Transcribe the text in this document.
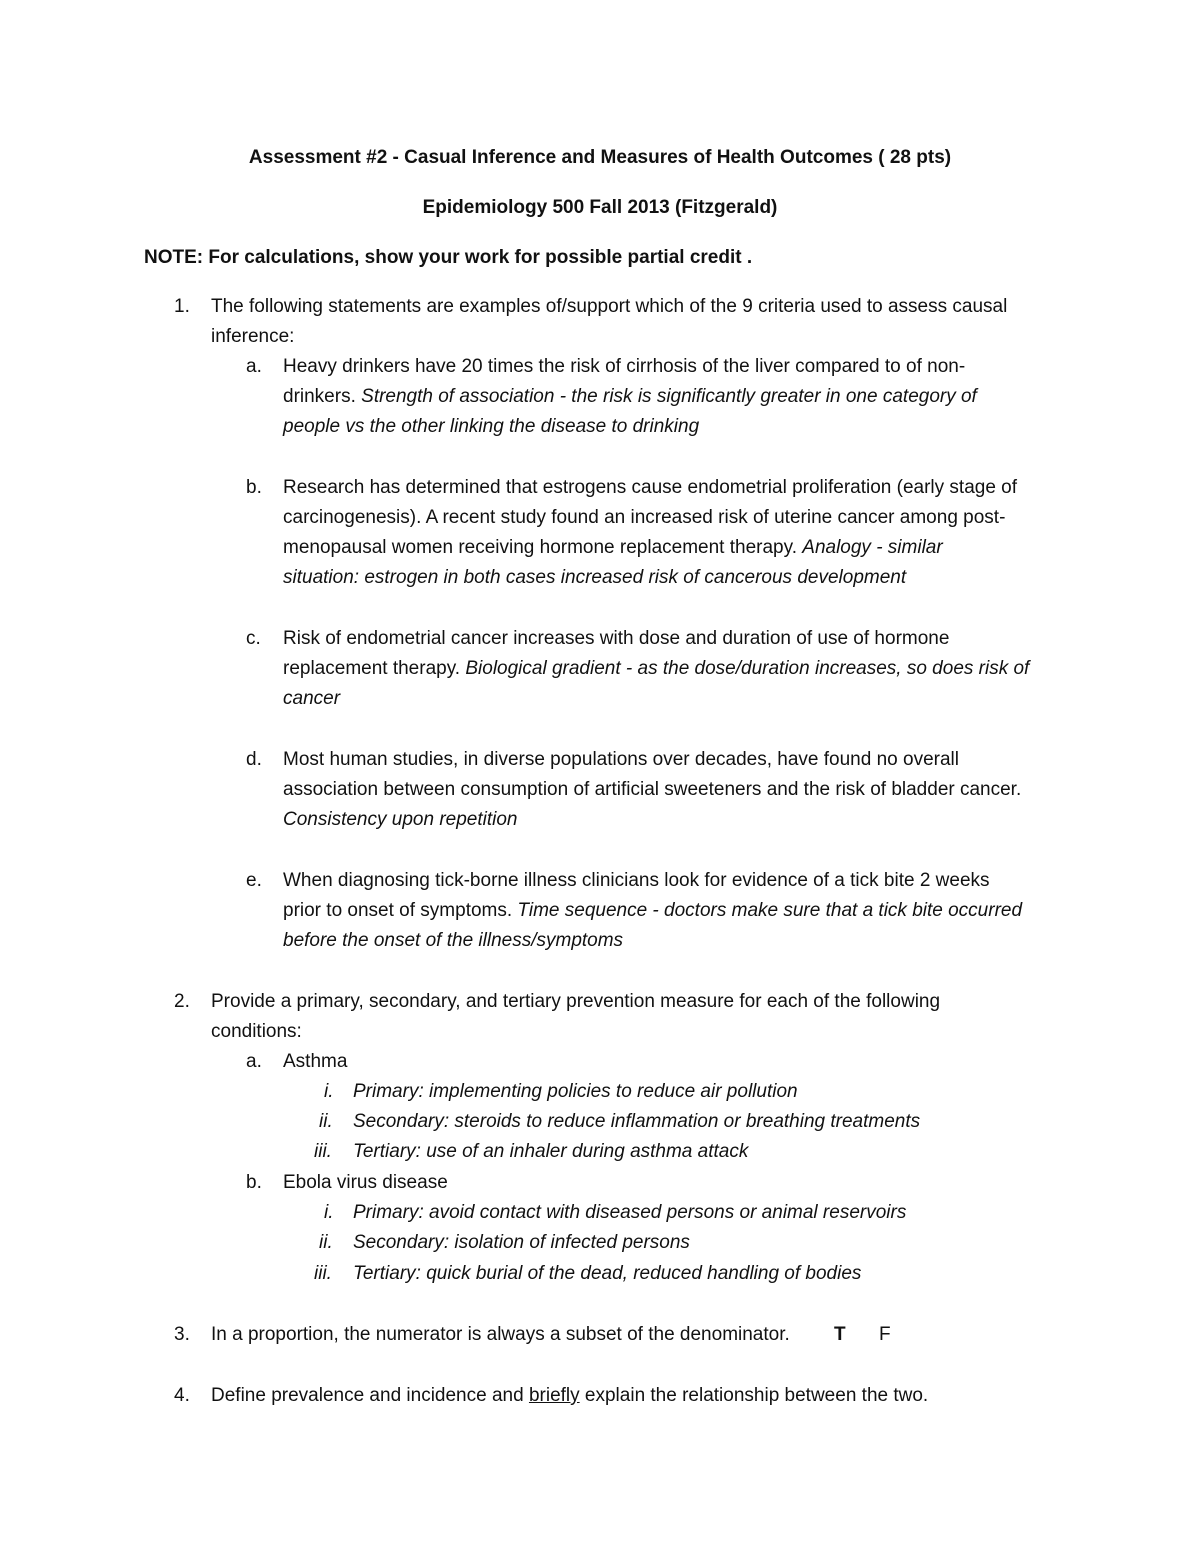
Assessment #2 - Casual Inference and Measures of Health Outcomes ( 28 pts)
Epidemiology 500 Fall 2013 (Fitzgerald)
NOTE: For calculations, show your work for possible partial credit .
1. The following statements are examples of/support which of the 9 criteria used to assess causal
inference:
a. Heavy drinkers have 20 times the risk of cirrhosis of the liver compared to of non-
drinkers. Strength of association - the risk is significantly greater in one category of
people vs the other linking the disease to drinking
b. Research has determined that estrogens cause endometrial proliferation (early stage of
carcinogenesis). A recent study found an increased risk of uterine cancer among post-
menopausal women receiving hormone replacement therapy. Analogy - similar
situation: estrogen in both cases increased risk of cancerous development
c. Risk of endometrial cancer increases with dose and duration of use of hormone
replacement therapy. Biological gradient - as the dose/duration increases, so does risk of
cancer
d. Most human studies, in diverse populations over decades, have found no overall
association between consumption of artificial sweeteners and the risk of bladder cancer.
Consistency upon repetition
e. When diagnosing tick-borne illness clinicians look for evidence of a tick bite 2 weeks
prior to onset of symptoms. Time sequence - doctors make sure that a tick bite occurred
before the onset of the illness/symptoms
2. Provide a primary, secondary, and tertiary prevention measure for each of the following
conditions:
a. Asthma
i. Primary: implementing policies to reduce air pollution
ii. Secondary: steroids to reduce inflammation or breathing treatments
iii. Tertiary: use of an inhaler during asthma attack
b. Ebola virus disease
i. Primary: avoid contact with diseased persons or animal reservoirs
ii. Secondary: isolation of infected persons
iii. Tertiary: quick burial of the dead, reduced handling of bodies
3. In a proportion, the numerator is always a subset of the denominator. T F
4. Define prevalence and incidence and briefly explain the relationship between the two.
